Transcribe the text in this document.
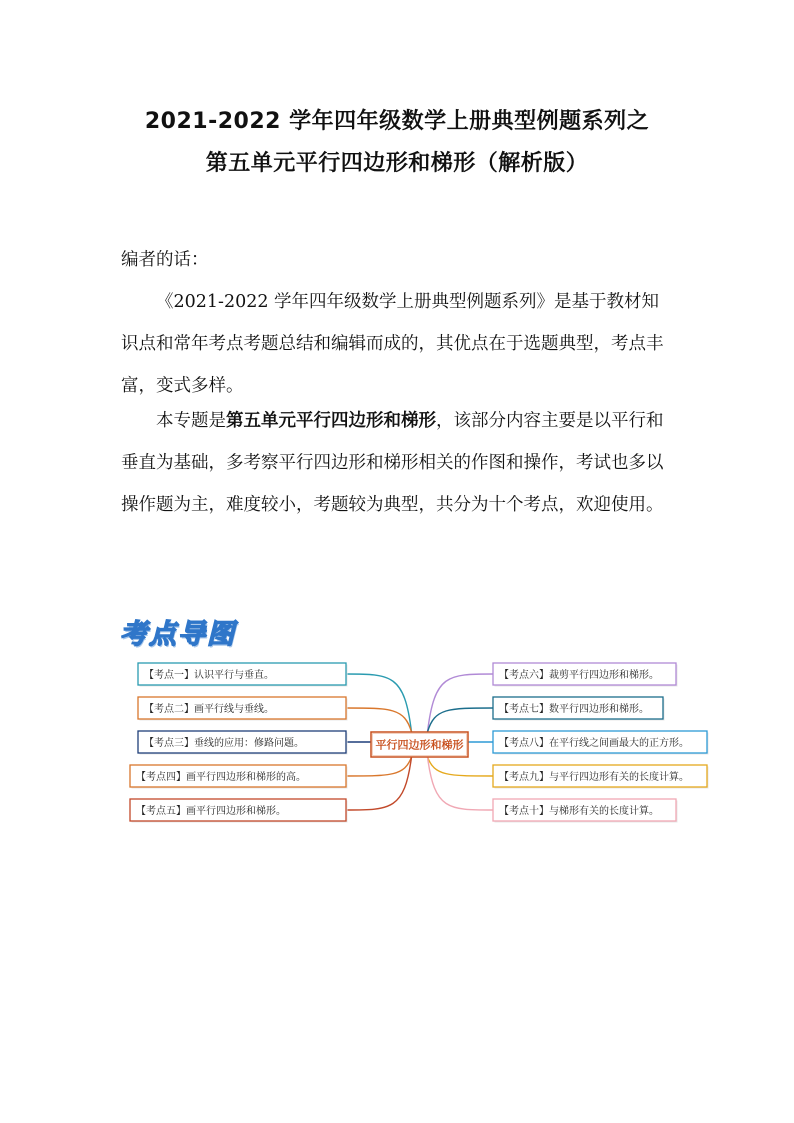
2021-2022 学年四年级数学上册典型例题系列之
第五单元平行四边形和梯形（解析版）

编者的话：

《2021-2022 学年四年级数学上册典型例题系列》是基于教材知识点和常年考点考题总结和编辑而成的，其优点在于选题典型，考点丰富，变式多样。

本专题是第五单元平行四边形和梯形，该部分内容主要是以平行和垂直为基础，多考察平行四边形和梯形相关的作图和操作，考试也多以操作题为主，难度较小，考题较为典型，共分为十个考点，欢迎使用。

考点导图
【考点一】认识平行与垂直。
【考点二】画平行线与垂线。
【考点三】垂线的应用：修路问题。
【考点四】画平行四边形和梯形的高。
【考点五】画平行四边形和梯形。
【考点六】裁剪平行四边形和梯形。
【考点七】数平行四边形和梯形。
【考点八】在平行线之间画最大的正方形。
【考点九】与平行四边形有关的长度计算。
【考点十】与梯形有关的长度计算。
平行四边形和梯形
